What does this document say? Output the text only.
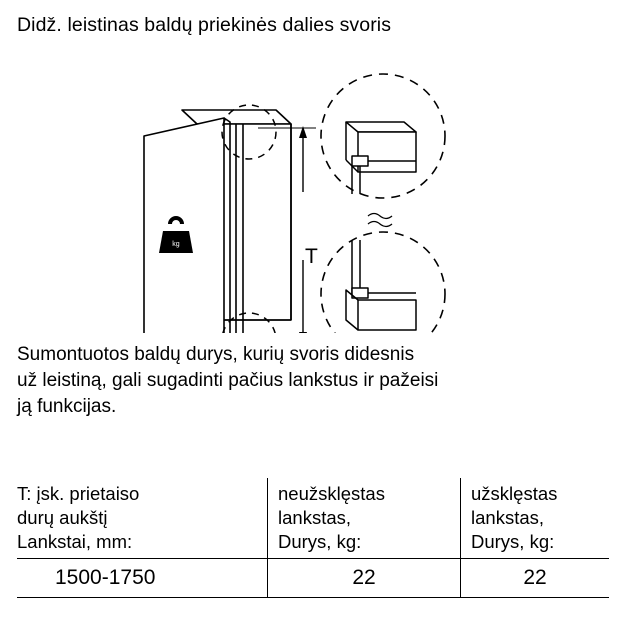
Didž. leistinas baldų priekinės dalies svoris
kg
T
Sumontuotos baldų durys, kurių svoris didesnis
už leistiną, gali sugadinti pačius lankstus ir pažeisi
ją funkcijas.
T: įsk. prietaiso
durų aukštį
Lankstai, mm:
neužsklęstas
lankstas,
Durys, kg:
užsklęstas
lankstas,
Durys, kg:
1500-1750	22	22
